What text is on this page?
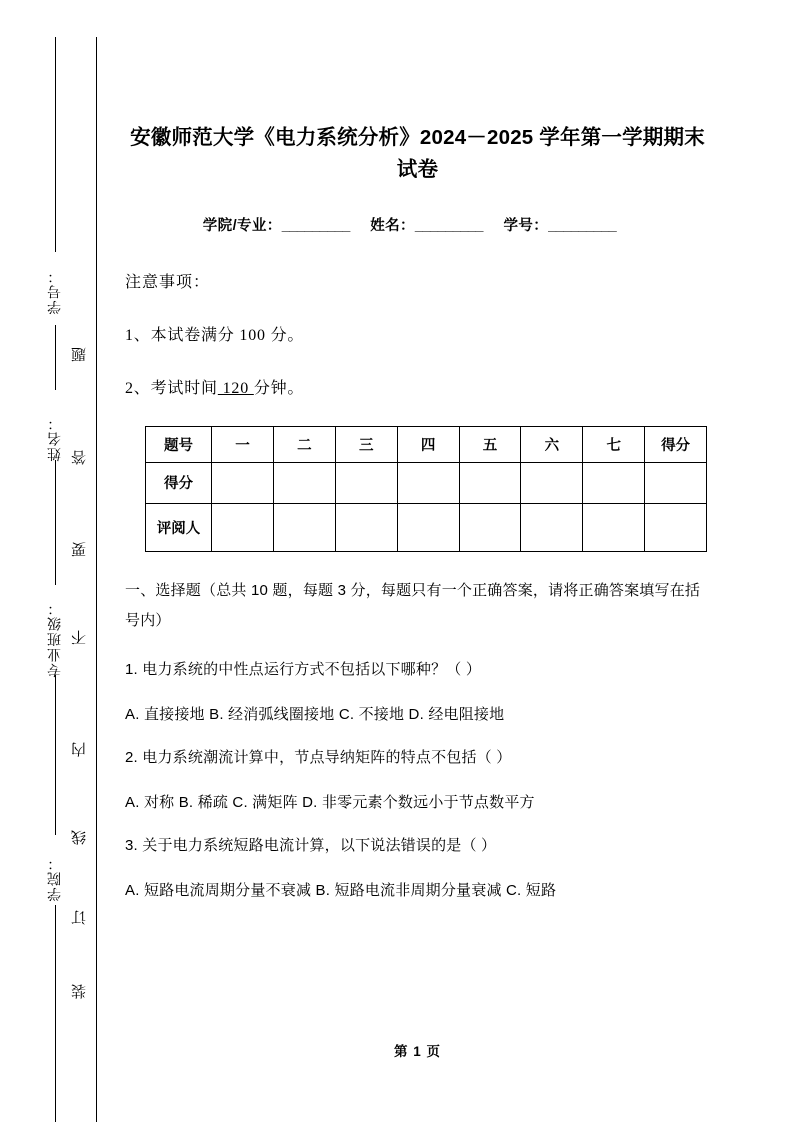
学号：
姓名：
专业班级：
学院：
题
答
要
不
内
线
订
装
安徽师范大学《电力系统分析》2024－2025 学年第一学期期末试卷
学院/专业：_________ 姓名：_________ 学号：_________
注意事项：
1、本试卷满分 100 分。
2、考试时间 120 分钟。
题号	一	二	三	四	五	六	七	得分
得分								
评阅人								
一、选择题（总共 10 题，每题 3 分，每题只有一个正确答案，请将正确答案填写在括号内）
1. 电力系统的中性点运行方式不包括以下哪种？（ ）
A. 直接接地 B. 经消弧线圈接地 C. 不接地 D. 经电阻接地
2. 电力系统潮流计算中，节点导纳矩阵的特点不包括（ ）
A. 对称 B. 稀疏 C. 满矩阵 D. 非零元素个数远小于节点数平方
3. 关于电力系统短路电流计算，以下说法错误的是（ ）
A. 短路电流周期分量不衰减 B. 短路电流非周期分量衰减 C. 短路
第 1 页
